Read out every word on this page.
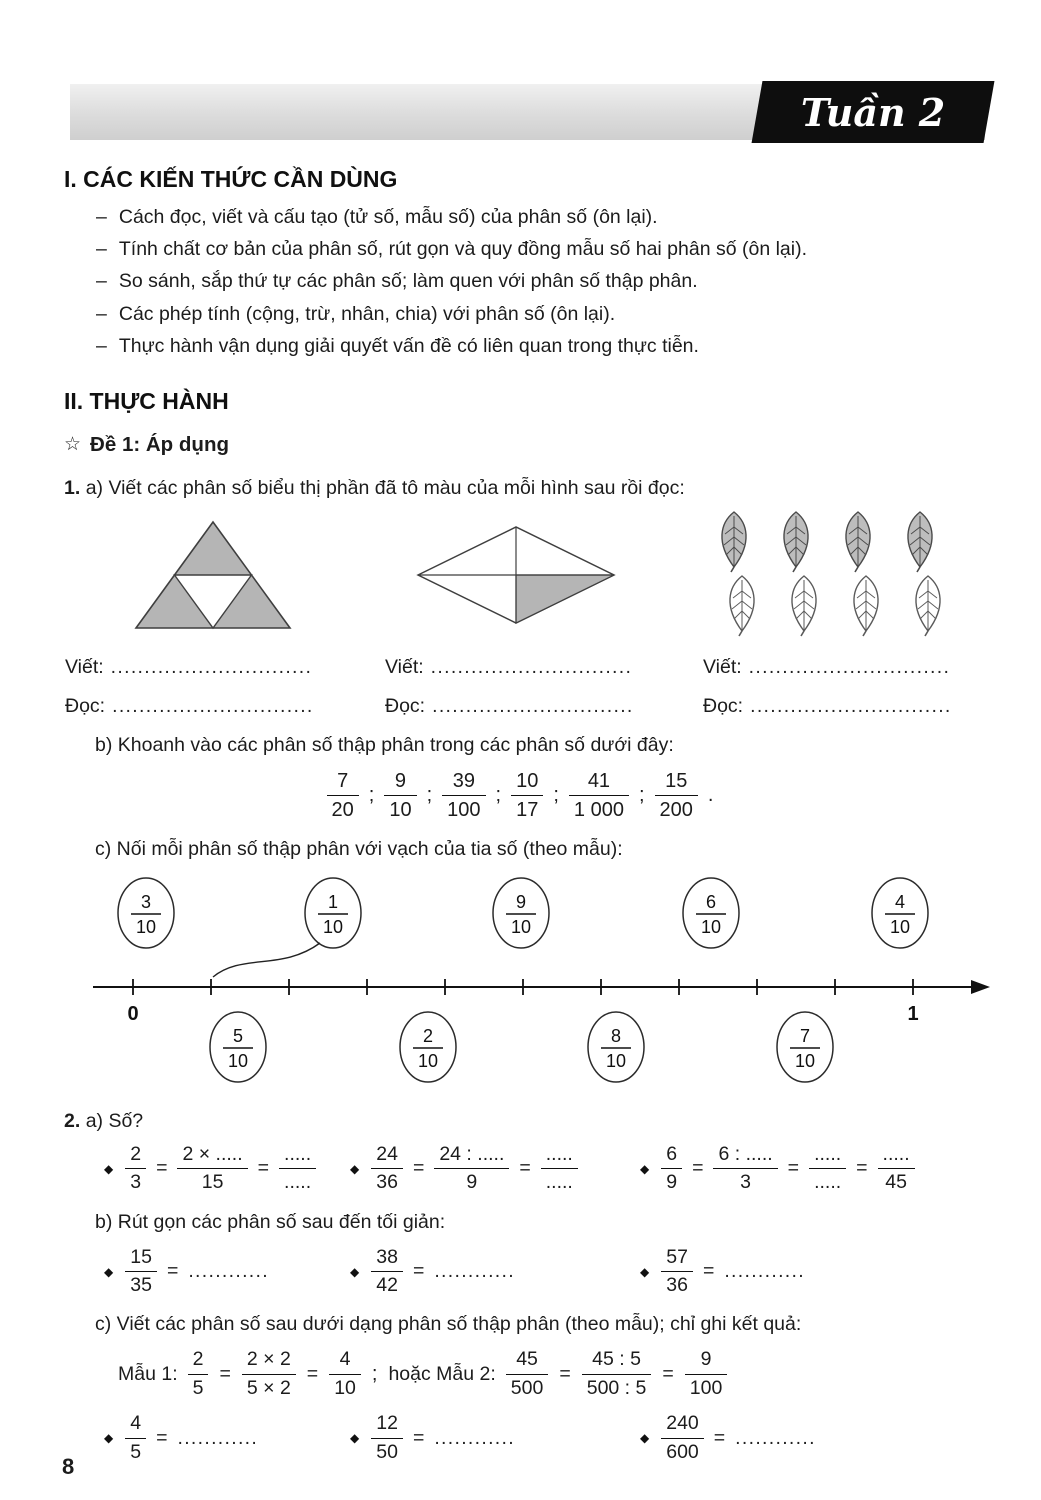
Tuần 2
I. CÁC KIẾN THỨC CẦN DÙNG
– Cách đọc, viết và cấu tạo (tử số, mẫu số) của phân số (ôn lại).
– Tính chất cơ bản của phân số, rút gọn và quy đồng mẫu số hai phân số (ôn lại).
– So sánh, sắp thứ tự các phân số; làm quen với phân số thập phân.
– Các phép tính (cộng, trừ, nhân, chia) với phân số (ôn lại).
– Thực hành vận dụng giải quyết vấn đề có liên quan trong thực tiễn.
II. THỰC HÀNH
☆ Đề 1: Áp dụng
1. a) Viết các phân số biểu thị phần đã tô màu của mỗi hình sau rồi đọc:
Viết: ..............................	Viết: ..............................	Viết: ..............................
Đọc: ..............................	Đọc: ..............................	Đọc: ..............................
b) Khoanh vào các phân số thập phân trong các phân số dưới đây:
$\frac{7}{20}$ ; $\frac{9}{10}$ ; $\frac{39}{100}$ ; $\frac{10}{17}$ ; $\frac{41}{1 000}$ ; $\frac{15}{200}$ .
c) Nối mỗi phân số thập phân với vạch của tia số (theo mẫu):
3
10
1
10
9
10
6
10
4
10
0	1
5
10
2
10
8
10
7
10
2. a) Số?
◆ $\frac{2}{3} = \frac{2 \times .....}{15} = \frac{.....}{.....}$	◆ $\frac{24}{36} = \frac{24 : .....}{9} = \frac{.....}{.....}$	◆ $\frac{6}{9} = \frac{6 : .....}{3} = \frac{.....}{.....} = \frac{.....}{45}$
b) Rút gọn các phân số sau đến tối giản:
◆ $\frac{15}{35}$ = ............	◆ $\frac{38}{42}$ = ............	◆ $\frac{57}{36}$ = ............
c) Viết các phân số sau dưới dạng phân số thập phân (theo mẫu); chỉ ghi kết quả:
Mẫu 1: $\frac{2}{5} = \frac{2 \times 2}{5 \times 2} = \frac{4}{10}$ ; hoặc Mẫu 2: $\frac{45}{500} = \frac{45 : 5}{500 : 5} = \frac{9}{100}$
◆ $\frac{4}{5}$ = ............	◆ $\frac{12}{50}$ = ............	◆ $\frac{240}{600}$ = ............
8
